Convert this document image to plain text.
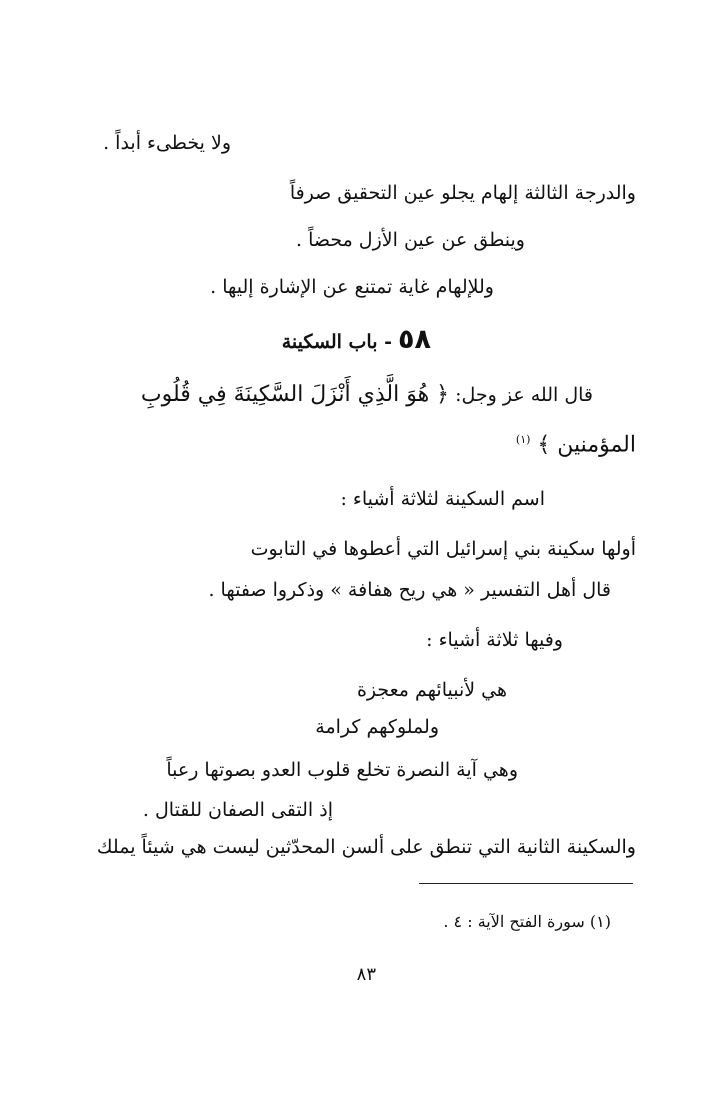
ولا يخطىء أبداً .
والدرجة الثالثة إلهام يجلو عين التحقيق صرفاً
وينطق عن عين الأزل محضاً .
وللإلهام غاية تمتنع عن الإشارة إليها .
٥٨ - باب السكينة
قال الله عز وجل: ﴿ هُوَ الَّذِي أَنْزَلَ السَّكِينَةَ فِي قُلُوبِ
المؤمنين ﴾ $^{(١)}$
اسم السكينة لثلاثة أشياء :
أولها سكينة بني إسرائيل التي أعطوها في التابوت
قال أهل التفسير « هي ريح هفافة » وذكروا صفتها .
وفيها ثلاثة أشياء :
هي لأنبيائهم معجزة
ولملوكهم كرامة
وهي آية النصرة تخلع قلوب العدو بصوتها رعباً
إذ التقى الصفان للقتال .
والسكينة الثانية التي تنطق على ألسن المحدّثين ليست هي شيئاً يملك
(١) سورة الفتح الآية : ٤ .
٨٣
